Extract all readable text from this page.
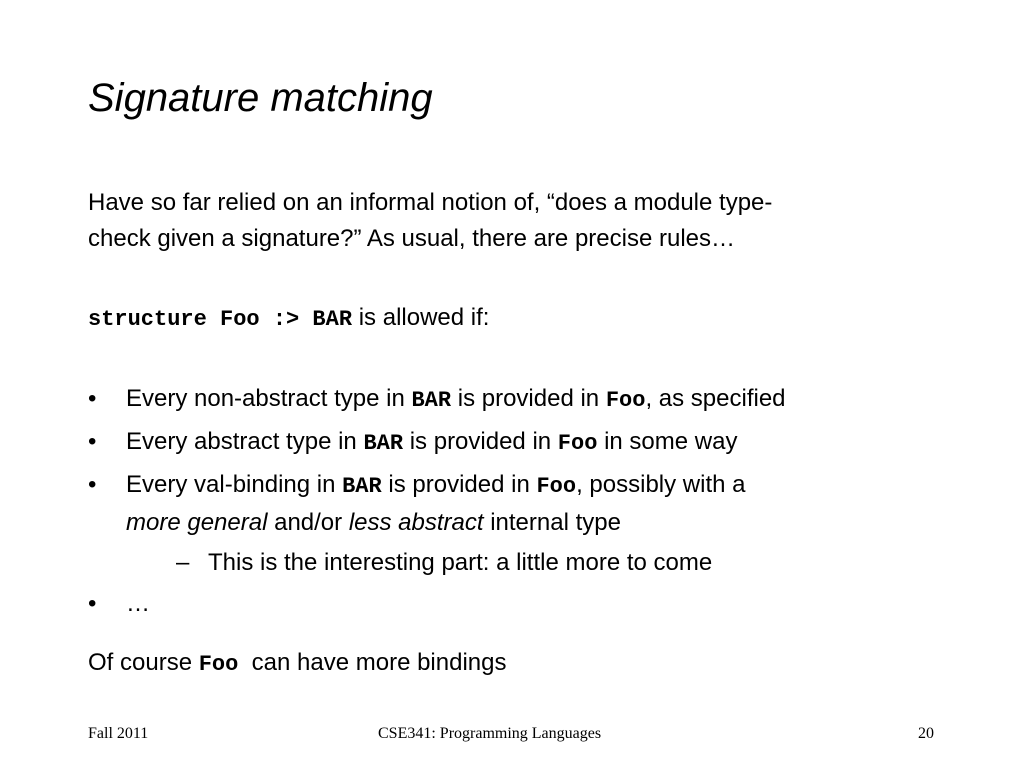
Signature matching
Have so far relied on an informal notion of, “does a module type-
check given a signature?” As usual, there are precise rules…
structure Foo :> BAR is allowed if:
• Every non-abstract type in BAR is provided in Foo, as specified
• Every abstract type in BAR is provided in Foo in some way
• Every val-binding in BAR is provided in Foo, possibly with a
more general and/or less abstract internal type
– This is the interesting part: a little more to come
• …
Of course Foo  can have more bindings
Fall 2011	CSE341: Programming Languages	20
